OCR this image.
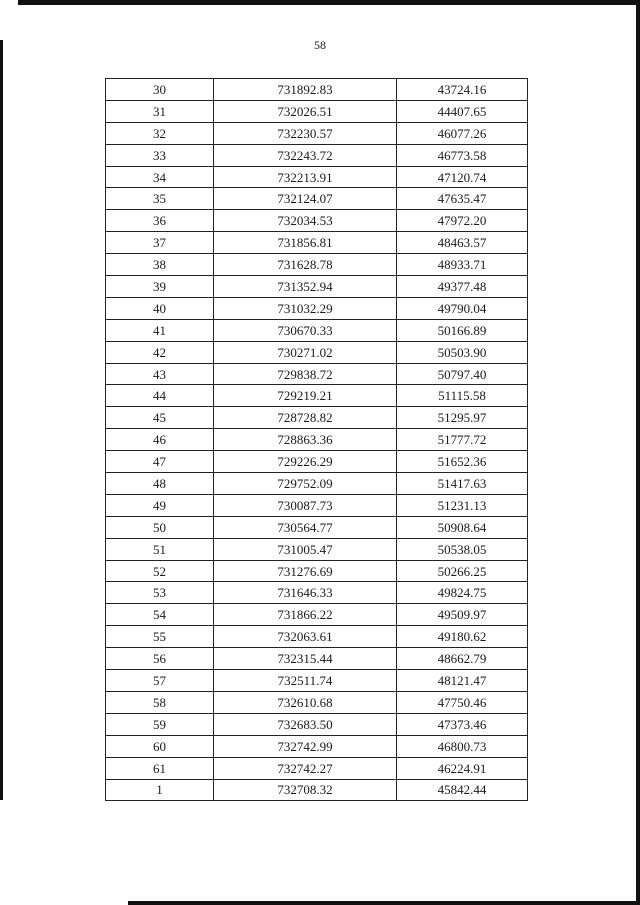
58
30	731892.83	43724.16
31	732026.51	44407.65
32	732230.57	46077.26
33	732243.72	46773.58
34	732213.91	47120.74
35	732124.07	47635.47
36	732034.53	47972.20
37	731856.81	48463.57
38	731628.78	48933.71
39	731352.94	49377.48
40	731032.29	49790.04
41	730670.33	50166.89
42	730271.02	50503.90
43	729838.72	50797.40
44	729219.21	51115.58
45	728728.82	51295.97
46	728863.36	51777.72
47	729226.29	51652.36
48	729752.09	51417.63
49	730087.73	51231.13
50	730564.77	50908.64
51	731005.47	50538.05
52	731276.69	50266.25
53	731646.33	49824.75
54	731866.22	49509.97
55	732063.61	49180.62
56	732315.44	48662.79
57	732511.74	48121.47
58	732610.68	47750.46
59	732683.50	47373.46
60	732742.99	46800.73
61	732742.27	46224.91
1	732708.32	45842.44
